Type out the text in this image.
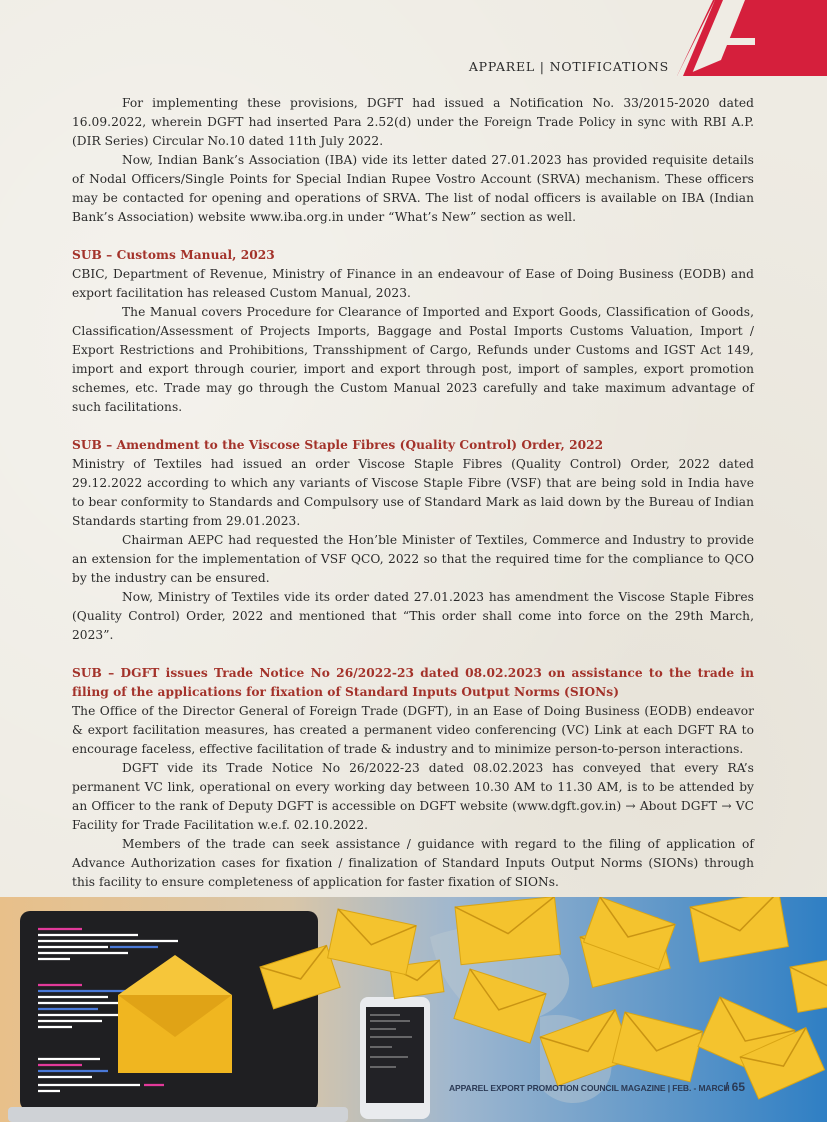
APPAREL | NOTIFICATIONS

For implementing these provisions, DGFT had issued a Notification No. 33/2015-2020 dated 16.09.2022, wherein DGFT had inserted Para 2.52(d) under the Foreign Trade Policy in sync with RBI A.P. (DIR Series) Circular No.10 dated 11th July 2022.

Now, Indian Bank’s Association (IBA) vide its letter dated 27.01.2023 has provided requisite details of Nodal Officers/Single Points for Special Indian Rupee Vostro Account (SRVA) mechanism. These officers may be contacted for opening and operations of SRVA. The list of nodal officers is available on IBA (Indian Bank’s Association) website www.iba.org.in under “What’s New” section as well.

SUB – Customs Manual, 2023

CBIC, Department of Revenue, Ministry of Finance in an endeavour of Ease of Doing Business (EODB) and export facilitation has released Custom Manual, 2023.

The Manual covers Procedure for Clearance of Imported and Export Goods, Classification of Goods, Classification/Assessment of Projects Imports, Baggage and Postal Imports Customs Valuation, Import / Export Restrictions and Prohibitions, Transshipment of Cargo, Refunds under Customs and IGST Act 149, import and export through courier, import and export through post, import of samples, export promotion schemes, etc. Trade may go through the Custom Manual 2023 carefully and take maximum advantage of such facilitations.

SUB – Amendment to the Viscose Staple Fibres (Quality Control) Order, 2022

Ministry of Textiles had issued an order Viscose Staple Fibres (Quality Control) Order, 2022 dated 29.12.2022 according to which any variants of Viscose Staple Fibre (VSF) that are being sold in India have to bear conformity to Standards and Compulsory use of Standard Mark as laid down by the Bureau of Indian Standards starting from 29.01.2023.

Chairman AEPC had requested the Hon’ble Minister of Textiles, Commerce and Industry to provide an extension for the implementation of VSF QCO, 2022 so that the required time for the compliance to QCO by the industry can be ensured.

Now, Ministry of Textiles vide its order dated 27.01.2023 has amendment the Viscose Staple Fibres (Quality Control) Order, 2022 and mentioned that “This order shall come into force on the 29th March, 2023”.

SUB – DGFT issues Trade Notice No 26/2022-23 dated 08.02.2023 on assistance to the trade in filing of the applications for fixation of Standard Inputs Output Norms (SIONs)

The Office of the Director General of Foreign Trade (DGFT), in an Ease of Doing Business (EODB) endeavor & export facilitation measures, has created a permanent video conferencing (VC) Link at each DGFT RA to encourage faceless, effective facilitation of trade & industry and to minimize person-to-person interactions.

DGFT vide its Trade Notice No 26/2022-23 dated 08.02.2023 has conveyed that every RA’s permanent VC link, operational on every working day between 10.30 AM to 11.30 AM, is to be attended by an Officer to the rank of Deputy DGFT is accessible on DGFT website (www.dgft.gov.in) → About DGFT → VC Facility for Trade Facilitation w.e.f. 02.10.2022.

Members of the trade can seek assistance / guidance with regard to the filing of application of Advance Authorization cases for fixation / finalization of Standard Inputs Output Norms (SIONs) through this facility to ensure completeness of application for faster fixation of SIONs.

APPAREL EXPORT PROMOTION COUNCIL MAGAZINE | FEB. - MARCH
/ 65
